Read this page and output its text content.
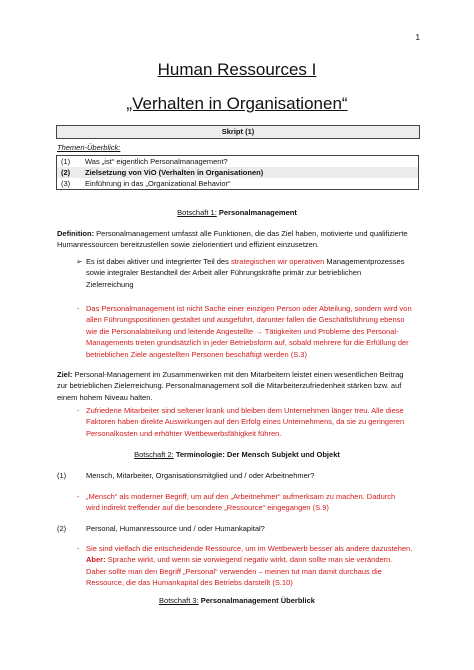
1
Human Ressources I
„Verhalten in Organisationen“
Skript (1)
Themen-Überblick:
(1) Was „ist“ eigentlich Personalmanagement?
(2) Zielsetzung von ViO (Verhalten in Organisationen)
(3) Einführung in das „Organizational Behavior“
Botschaft 1: Personalmanagement
Definition: Personalmanagement umfasst alle Funktionen, die das Ziel haben, motivierte und qualifizierte
Humanressourcen bereitzustellen sowie zielorientiert und effizient einzusetzen.
➢ Es ist dabei aktiver und integrierter Teil des strategischen wir operativen Managementprozesses
sowie integraler Bestandteil der Arbeit aller Führungskräfte primär zur betrieblichen
Zielerreichung
- Das Personalmanagement ist nicht Sache einer einzigen Person oder Abteilung, sondern wird von
allen Führungspositionen gestaltet und ausgeführt, darunter fallen die Geschäftsführung ebenso
wie die Personalabteilung und leitende Angestellte → Tätigkeiten und Probleme des Personal-
Managements treten grundsätzlich in jeder Betriebsform auf, sobald mehrere für die Erfüllung der
betrieblichen Ziele angestellten Personen beschäftigt werden (S.3)
Ziel: Personal-Management im Zusammenwirken mit den Mitarbeitern leistet einen wesentlichen Beitrag
zur betrieblichen Zielerreichung. Personalmanagement soll die Mitarbeiterzufriedenheit stärken bzw. auf
einem hohem Niveau halten.
- Zufriedene Mitarbeiter sind seltener krank und bleiben dem Unternehmen länger treu. Alle diese
Faktoren haben direkte Auswirkungen auf den Erfolg eines Unternehmens, da sie zu geringeren
Personalkosten und erhöhter Wettbewerbsfähigkeit führen.
Botschaft 2: Terminologie: Der Mensch Subjekt und Objekt
(1)	Mensch, Mitarbeiter, Organisationsmitglied und / oder Arbeitnehmer?
- „Mensch“ als moderner Begriff, um auf den „Arbeitnehmer“ aufmerksam zu machen. Dadurch
wird indirekt treffender auf die besondere „Ressource“ eingegangen (S.9)
(2)	Personal, Humanressource und / oder Humankapital?
- Sie sind vielfach die entscheidende Ressource, um im Wettbewerb besser als andere dazustehen.
Aber: Sprache wirkt, und wenn sie vorwiegend negativ wirkt, dann sollte man sie verändern.
Daher sollte man den Begriff „Personal“ verwenden – meinen tut man damit durchaus die
Ressource, die das Humankapital des Betriebs darstellt (S.10)
Botschaft 3: Personalmanagement Überblick
